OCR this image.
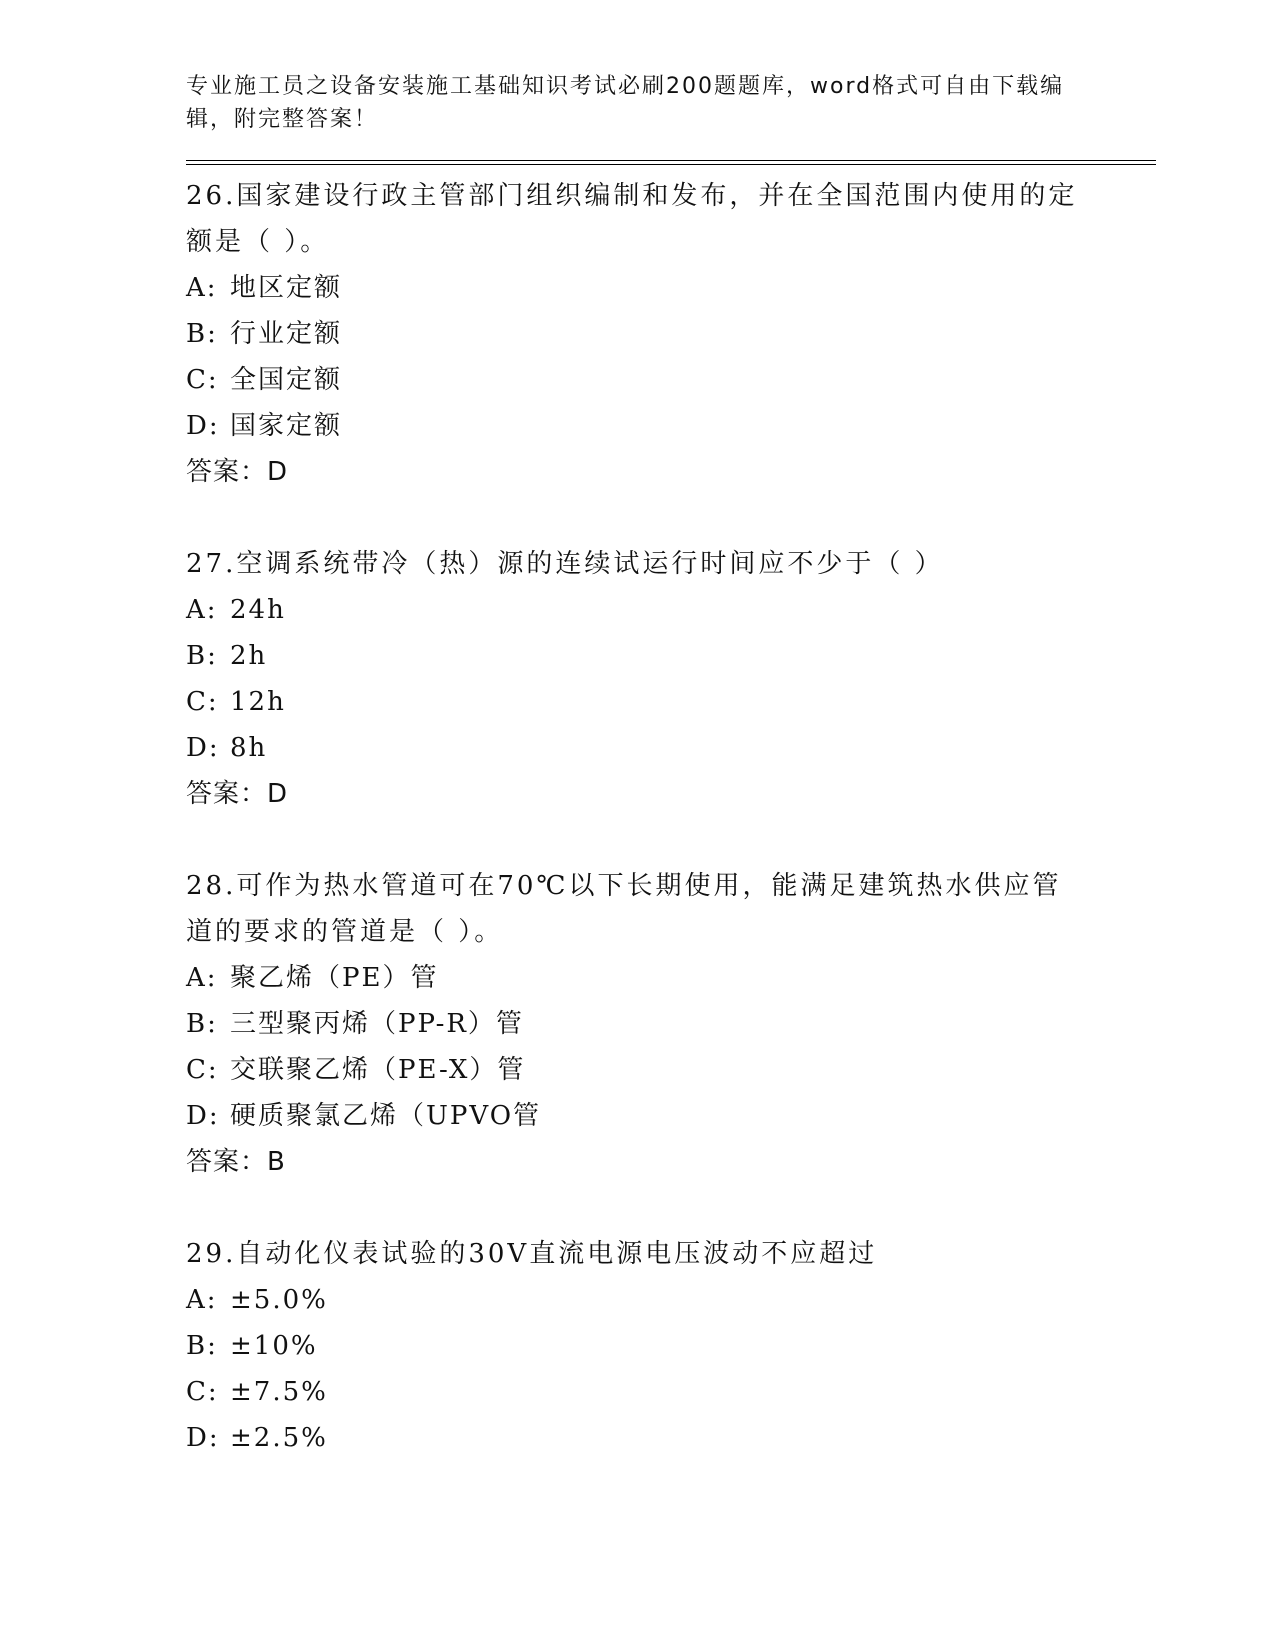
专业施工员之设备安装施工基础知识考试必刷200题题库，word格式可自由下载编辑，附完整答案！
26.国家建设行政主管部门组织编制和发布，并在全国范围内使用的定额是（ ）。
A: 地区定额
B: 行业定额
C: 全国定额
D: 国家定额
答案：D
27.空调系统带冷（热）源的连续试运行时间应不少于（ ）
A: 24h
B: 2h
C: 12h
D: 8h
答案：D
28.可作为热水管道可在70℃以下长期使用，能满足建筑热水供应管道的要求的管道是（ ）。
A: 聚乙烯（PE）管
B: 三型聚丙烯（PP-R）管
C: 交联聚乙烯（PE-X）管
D: 硬质聚氯乙烯（UPVO管
答案：B
29.自动化仪表试验的30V直流电源电压波动不应超过
A: ±5.0%
B: ±10%
C: ±7.5%
D: ±2.5%
